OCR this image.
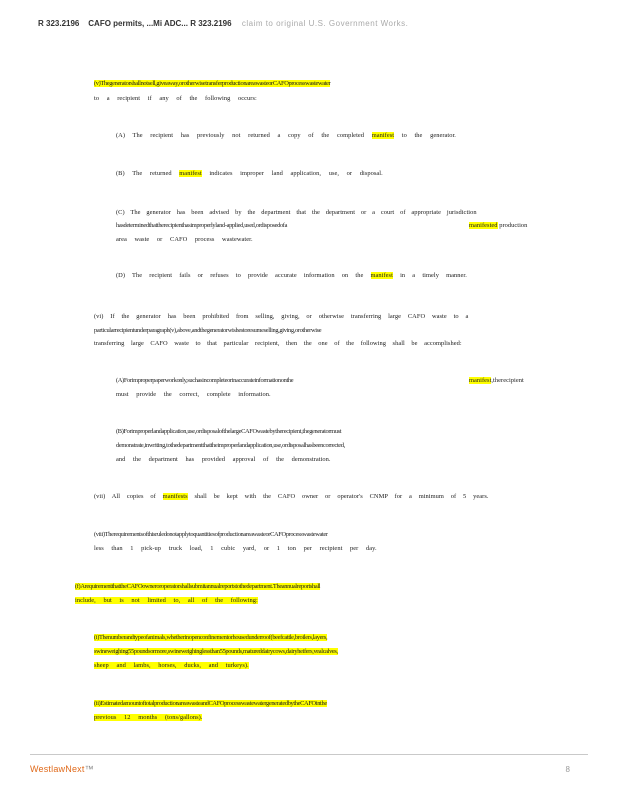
R 323.2196 CAFO permits, ...Mi ADC... R 323.2196 claim to original U.S. Government Works.
(v)Thegeneratorshallnotsell,giveaway,orotherwisetransferproductionareawasteorCAFOprocesswastewater
to a recipient if any of the following occurs:
(A) The recipient has previously not returned a copy of the completed manifest to the generator.
(B) The returned manifest indicates improper land application, use, or disposal.
(C) The generator has been advised by the department that the department or a court of appropriate jurisdiction
hasdeterminedthattherecipienthasimproperlyland-applied,used,ordisposedofa	manifested production
area waste or CAFO process wastewater.
(D) The recipient fails or refuses to provide accurate information on the manifest in a timely manner.
(vi) If the generator has been prohibited from selling, giving, or otherwise transferring large CAFO waste to a
particularrecipientunderparagraph(v),above,andthegeneratorwishestoresumeselling,giving,orotherwise
transferring large CAFO waste to that particular recipient, then the one of the following shall be accomplished:
(A)Forimproperpaperworkonly,suchasincompleteorinaccurateinformationonthe	manifest,therecipient
must provide the correct, complete information.
(B)Forimproperlandapplication,use,ordisposalofthelargeCAFOwastebytherecipient,thegeneratormust
demonstrate,inwriting,tothedepartmentthattheimproperlandapplication,use,ordisposalhasbeencorrected,
and the department has provided approval of the demonstration.
(vii) All copies of manifests shall be kept with the CAFO owner or operator's CNMP for a minimum of 5 years.
(viii)TherequirementsofthisruledonotapplytoquantitiesofproductionareawasteorCAFOprocesswastewater
less than 1 pick-up truck load, 1 cubic yard, or 1 ton per recipient per day.
(f)ArequirementthattheCAFOowneroroperatorshallsubmitannualreportstothedepartment.Theannualreportshall
include, but is not limited to, all of the following:
(i)Thenumberandtypeofanimals,whetherinopenconfinementorhousedunderroof(beefcattle,broilers,layers,
swineweighing55poundsormore,swineweighinglessthan55pounds,matureddairycows,dairyheifers,vealcalves,
sheep and lambs, horses, ducks, and turkeys).
(ii)EstimatedamountoftotalproductionareawasteandCAFOprocesswastewatergeneratedbytheCAFOinthe
previous 12 months (tons/gallons).
WestlawNext™	8
